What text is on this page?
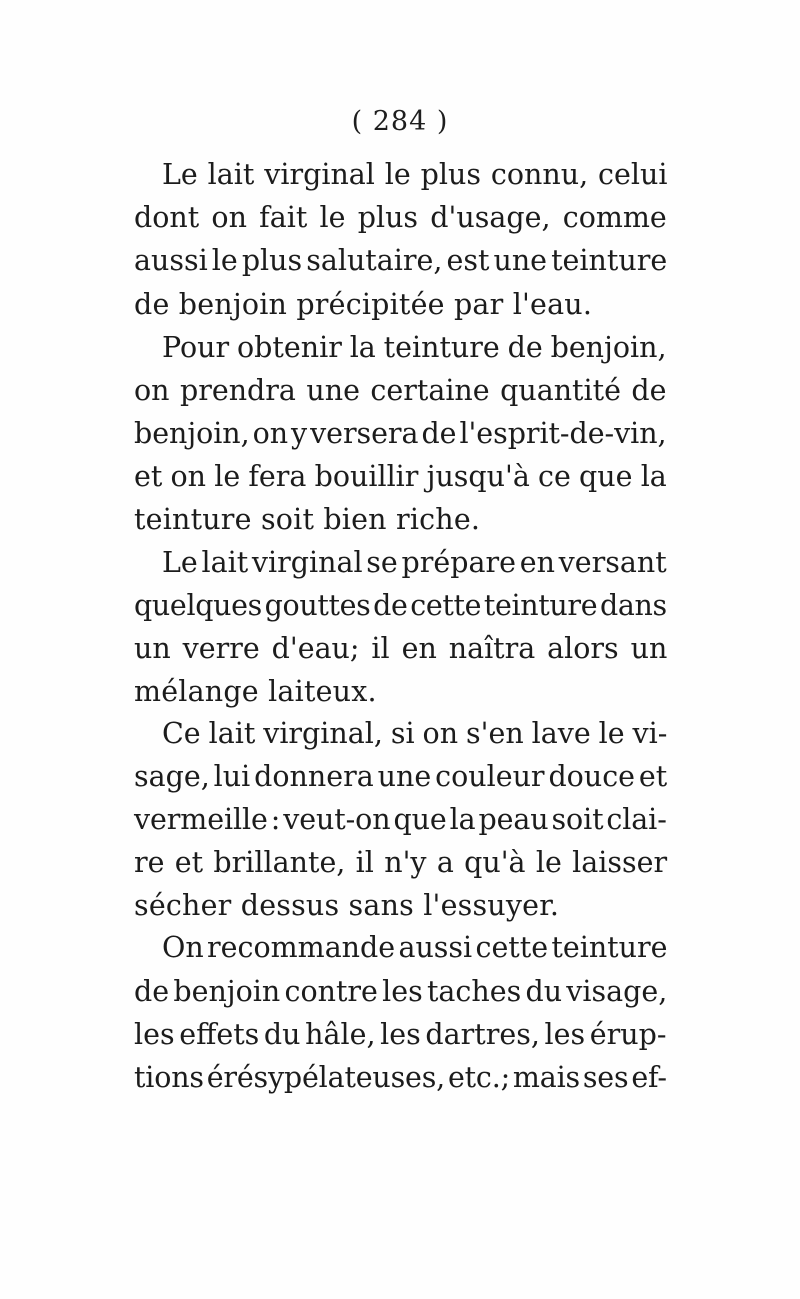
( 284 )
Le lait virginal le plus connu, celui
dont on fait le plus d'usage, comme
aussi le plus salutaire, est une teinture
de benjoin précipitée par l'eau.
Pour obtenir la teinture de benjoin,
on prendra une certaine quantité de
benjoin, on y versera de l'esprit-de-vin,
et on le fera bouillir jusqu'à ce que la
teinture soit bien riche.
Le lait virginal se prépare en versant
quelques gouttes de cette teinture dans
un verre d'eau; il en naîtra alors un
mélange laiteux.
Ce lait virginal, si on s'en lave le vi-
sage, lui donnera une couleur douce et
vermeille : veut-on que la peau soit clai-
re et brillante, il n'y a qu'à le laisser
sécher dessus sans l'essuyer.
On recommande aussi cette teinture
de benjoin contre les taches du visage,
les effets du hâle, les dartres, les érup-
tions érésypélateuses, etc.; mais ses ef-
